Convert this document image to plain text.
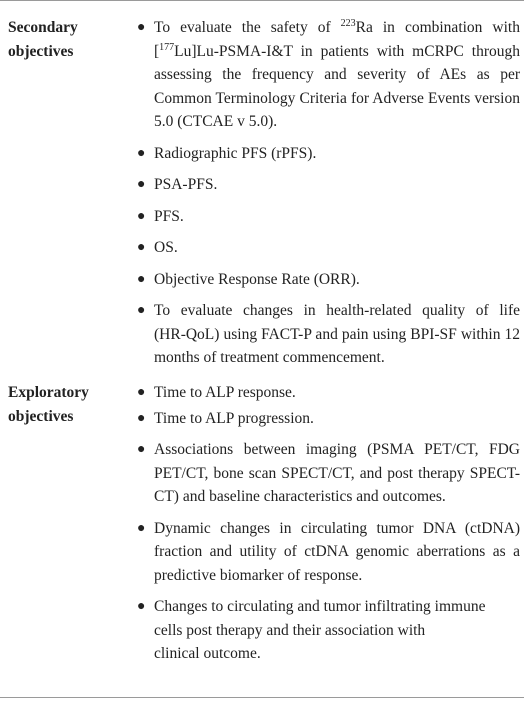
Secondary
objectives
● To evaluate the safety of $^{223}$Ra in combination with
[$^{177}$Lu]Lu-PSMA-I&T in patients with mCRPC through
assessing the frequency and severity of AEs as per
Common Terminology Criteria for Adverse Events version
5.0 (CTCAE v 5.0).
● Radiographic PFS (rPFS).
● PSA-PFS.
● PFS.
● OS.
● Objective Response Rate (ORR).
● To evaluate changes in health-related quality of life
(HR-QoL) using FACT-P and pain using BPI-SF within 12
months of treatment commencement.
Exploratory
objectives
● Time to ALP response.
● Time to ALP progression.
● Associations between imaging (PSMA PET/CT, FDG
PET/CT, bone scan SPECT/CT, and post therapy SPECT-
CT) and baseline characteristics and outcomes.
● Dynamic changes in circulating tumor DNA (ctDNA)
fraction and utility of ctDNA genomic aberrations as a
predictive biomarker of response.
● Changes to circulating and tumor infiltrating immune
cells post therapy and their association with
clinical outcome.
